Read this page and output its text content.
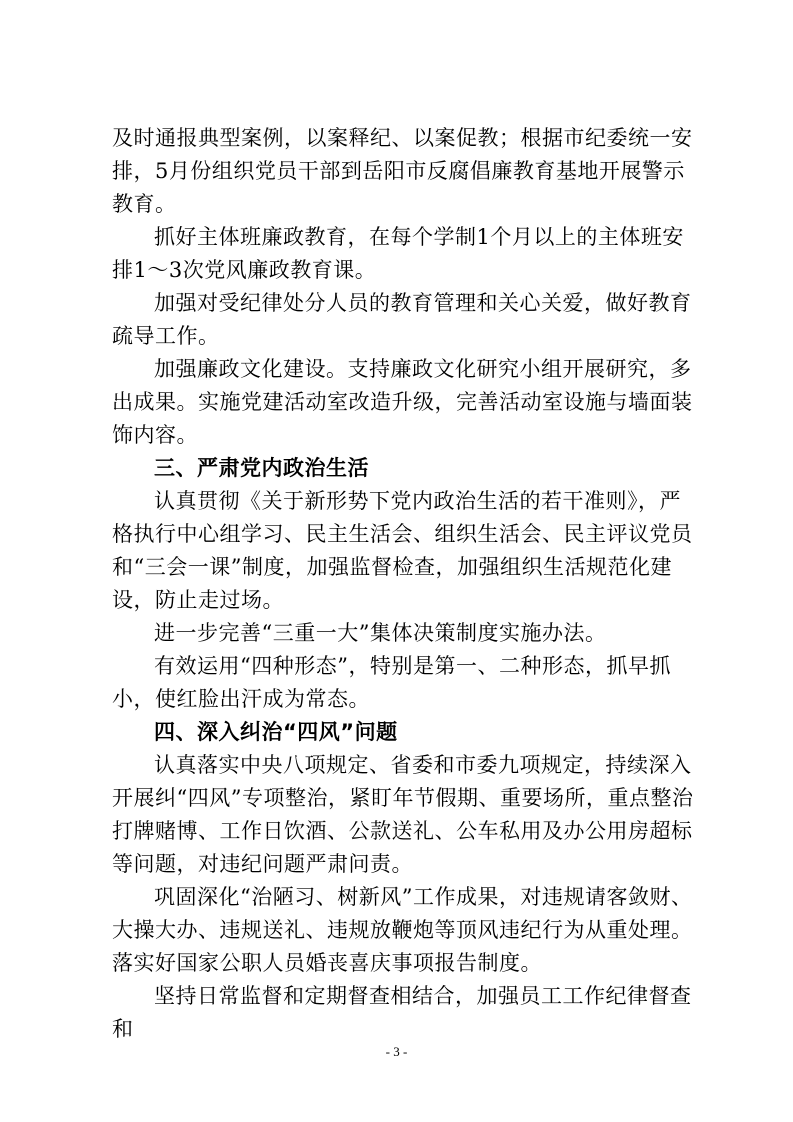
及时通报典型案例，以案释纪、以案促教；根据市纪委统一安排，5月份组织党员干部到岳阳市反腐倡廉教育基地开展警示教育。

抓好主体班廉政教育，在每个学制1个月以上的主体班安排1～3次党风廉政教育课。

加强对受纪律处分人员的教育管理和关心关爱，做好教育疏导工作。

加强廉政文化建设。支持廉政文化研究小组开展研究，多出成果。实施党建活动室改造升级，完善活动室设施与墙面装饰内容。

三、严肃党内政治生活

认真贯彻《关于新形势下党内政治生活的若干准则》，严格执行中心组学习、民主生活会、组织生活会、民主评议党员和“三会一课”制度，加强监督检查，加强组织生活规范化建设，防止走过场。

进一步完善“三重一大”集体决策制度实施办法。

有效运用“四种形态”，特别是第一、二种形态，抓早抓小，使红脸出汗成为常态。

四、深入纠治“四风”问题

认真落实中央八项规定、省委和市委九项规定，持续深入开展纠“四风”专项整治，紧盯年节假期、重要场所，重点整治打牌赌博、工作日饮酒、公款送礼、公车私用及办公用房超标等问题，对违纪问题严肃问责。

巩固深化“治陋习、树新风”工作成果，对违规请客敛财、大操大办、违规送礼、违规放鞭炮等顶风违纪行为从重处理。落实好国家公职人员婚丧喜庆事项报告制度。

坚持日常监督和定期督查相结合，加强员工工作纪律督查和

- 3 -
